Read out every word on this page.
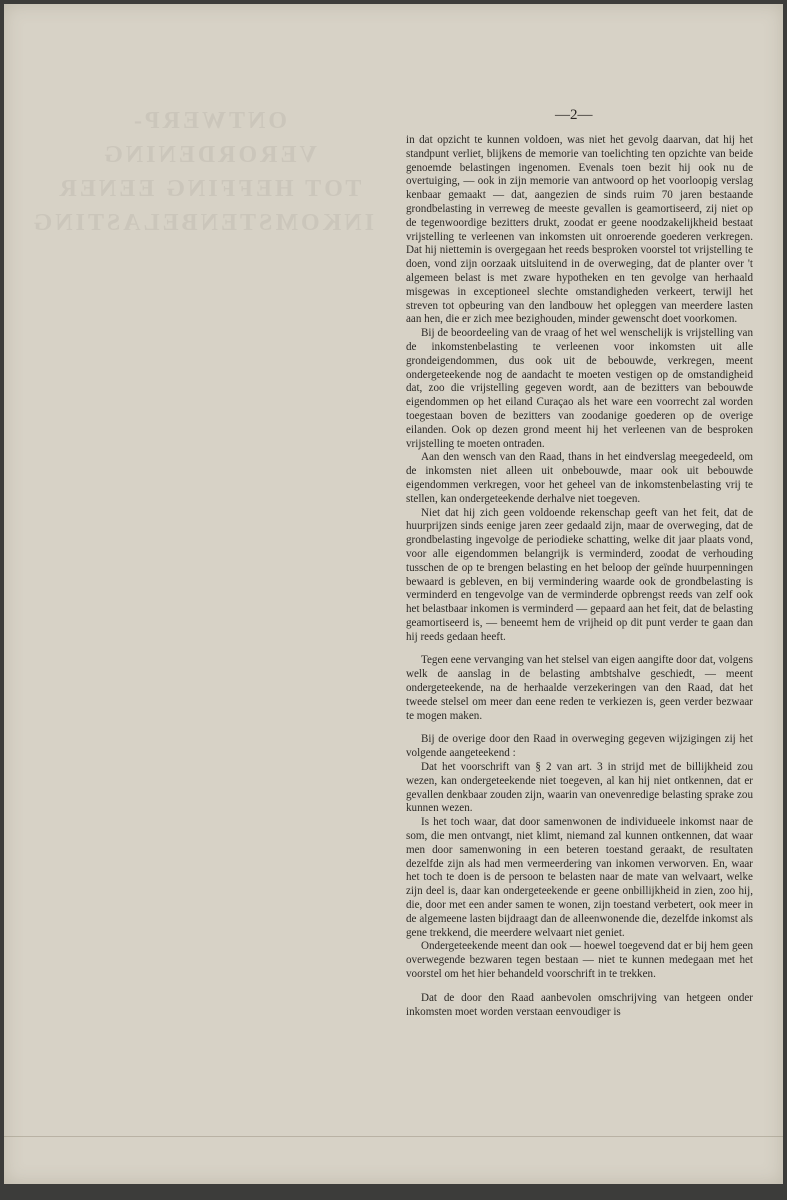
ONTWERP-VERORDENING
TOT HEFFING EENER
INKOMSTENBELASTING
—2—

in dat opzicht te kunnen voldoen, was niet het gevolg daarvan, dat hij het standpunt verliet, blijkens de memorie van toelichting ten opzichte van beide genoemde belastingen ingenomen. Evenals toen bezit hij ook nu de overtuiging, — ook in zijn memorie van antwoord op het voorloopig verslag kenbaar gemaakt — dat, aangezien de sinds ruim 70 jaren bestaande grondbelasting in verreweg de meeste gevallen is geamortiseerd, zij niet op de tegenwoordige bezitters drukt, zoodat er geene noodzakelijkheid bestaat vrijstelling te verleenen van inkomsten uit onroerende goederen verkregen. Dat hij niettemin is overgegaan het reeds besproken voorstel tot vrijstelling te doen, vond zijn oorzaak uitsluitend in de overweging, dat de planter over 't algemeen belast is met zware hypotheken en ten gevolge van herhaald misgewas in exceptioneel slechte omstandigheden verkeert, terwijl het streven tot opbeuring van den landbouw het opleggen van meerdere lasten aan hen, die er zich mee bezighouden, minder gewenscht doet voorkomen.

Bij de beoordeeling van de vraag of het wel wenschelijk is vrijstelling van de inkomstenbelasting te verleenen voor inkomsten uit alle grondeigendommen, dus ook uit de bebouwde, verkregen, meent ondergeteekende nog de aandacht te moeten vestigen op de omstandigheid dat, zoo die vrijstelling gegeven wordt, aan de bezitters van bebouwde eigendommen op het eiland Curaçao als het ware een voorrecht zal worden toegestaan boven de bezitters van zoodanige goederen op de overige eilanden. Ook op dezen grond meent hij het verleenen van de besproken vrijstelling te moeten ontraden.

Aan den wensch van den Raad, thans in het eindverslag meegedeeld, om de inkomsten niet alleen uit onbebouwde, maar ook uit bebouwde eigendommen verkregen, voor het geheel van de inkomstenbelasting vrij te stellen, kan ondergeteekende derhalve niet toegeven.

Niet dat hij zich geen voldoende rekenschap geeft van het feit, dat de huurprijzen sinds eenige jaren zeer gedaald zijn, maar de overweging, dat de grondbelasting ingevolge de periodieke schatting, welke dit jaar plaats vond, voor alle eigendommen belangrijk is verminderd, zoodat de verhouding tusschen de op te brengen belasting en het beloop der geïnde huurpenningen bewaard is gebleven, en bij vermindering waarde ook de grondbelasting is verminderd en tengevolge van de verminderde opbrengst reeds van zelf ook het belastbaar inkomen is verminderd — gepaard aan het feit, dat de belasting geamortiseerd is, — beneemt hem de vrijheid op dit punt verder te gaan dan hij reeds gedaan heeft.

Tegen eene vervanging van het stelsel van eigen aangifte door dat, volgens welk de aanslag in de belasting ambtshalve geschiedt, — meent ondergeteekende, na de herhaalde verzekeringen van den Raad, dat het tweede stelsel om meer dan eene reden te verkiezen is, geen verder bezwaar te mogen maken.

Bij de overige door den Raad in overweging gegeven wijzigingen zij het volgende aangeteekend :

Dat het voorschrift van § 2 van art. 3 in strijd met de billijkheid zou wezen, kan ondergeteekende niet toegeven, al kan hij niet ontkennen, dat er gevallen denkbaar zouden zijn, waarin van onevenredige belasting sprake zou kunnen wezen.

Is het toch waar, dat door samenwonen de individueele inkomst naar de som, die men ontvangt, niet klimt, niemand zal kunnen ontkennen, dat waar men door samenwoning in een beteren toestand geraakt, de resultaten dezelfde zijn als had men vermeerdering van inkomen verworven. En, waar het toch te doen is de persoon te belasten naar de mate van welvaart, welke zijn deel is, daar kan ondergeteekende er geene onbillijkheid in zien, zoo hij, die, door met een ander samen te wonen, zijn toestand verbetert, ook meer in de algemeene lasten bijdraagt dan de alleenwonende die, dezelfde inkomst als gene trekkend, die meerdere welvaart niet geniet.

Ondergeteekende meent dan ook — hoewel toegevend dat er bij hem geen overwegende bezwaren tegen bestaan — niet te kunnen medegaan met het voorstel om het hier behandeld voorschrift in te trekken.

Dat de door den Raad aanbevolen omschrijving van hetgeen onder inkomsten moet worden verstaan eenvoudiger is
